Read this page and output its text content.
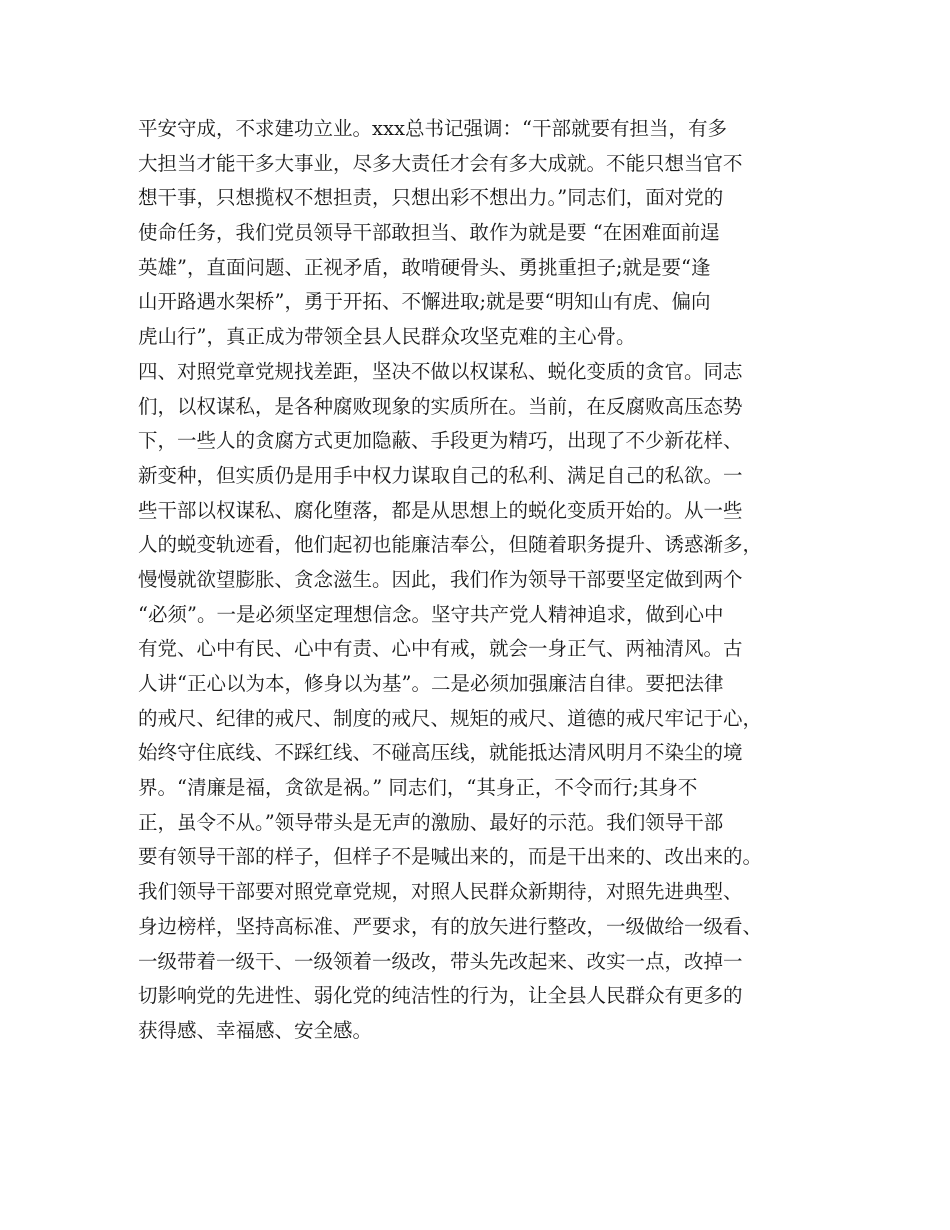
平安守成，不求建功立业。xxx总书记强调：“干部就要有担当，有多
大担当才能干多大事业，尽多大责任才会有多大成就。不能只想当官不
想干事，只想揽权不想担责，只想出彩不想出力。”同志们，面对党的
使命任务，我们党员领导干部敢担当、敢作为就是要 “在困难面前逞
英雄”，直面问题、正视矛盾，敢啃硬骨头、勇挑重担子;就是要“逢
山开路遇水架桥”，勇于开拓、不懈进取;就是要“明知山有虎、偏向
虎山行”，真正成为带领全县人民群众攻坚克难的主心骨。
四、对照党章党规找差距，坚决不做以权谋私、蜕化变质的贪官。同志
们，以权谋私，是各种腐败现象的实质所在。当前，在反腐败高压态势
下，一些人的贪腐方式更加隐蔽、手段更为精巧，出现了不少新花样、
新变种，但实质仍是用手中权力谋取自己的私利、满足自己的私欲。一
些干部以权谋私、腐化堕落，都是从思想上的蜕化变质开始的。从一些
人的蜕变轨迹看，他们起初也能廉洁奉公，但随着职务提升、诱惑渐多，
慢慢就欲望膨胀、贪念滋生。因此，我们作为领导干部要坚定做到两个
“必须”。一是必须坚定理想信念。坚守共产党人精神追求，做到心中
有党、心中有民、心中有责、心中有戒，就会一身正气、两袖清风。古
人讲“正心以为本，修身以为基”。二是必须加强廉洁自律。要把法律
的戒尺、纪律的戒尺、制度的戒尺、规矩的戒尺、道德的戒尺牢记于心，
始终守住底线、不踩红线、不碰高压线，就能抵达清风明月不染尘的境
界。“清廉是福，贪欲是祸。” 同志们，“其身正，不令而行;其身不
正，虽令不从。”领导带头是无声的激励、最好的示范。我们领导干部
要有领导干部的样子，但样子不是喊出来的，而是干出来的、改出来的。
我们领导干部要对照党章党规，对照人民群众新期待，对照先进典型、
身边榜样，坚持高标准、严要求，有的放矢进行整改，一级做给一级看、
一级带着一级干、一级领着一级改，带头先改起来、改实一点，改掉一
切影响党的先进性、弱化党的纯洁性的行为，让全县人民群众有更多的
获得感、幸福感、安全感。
